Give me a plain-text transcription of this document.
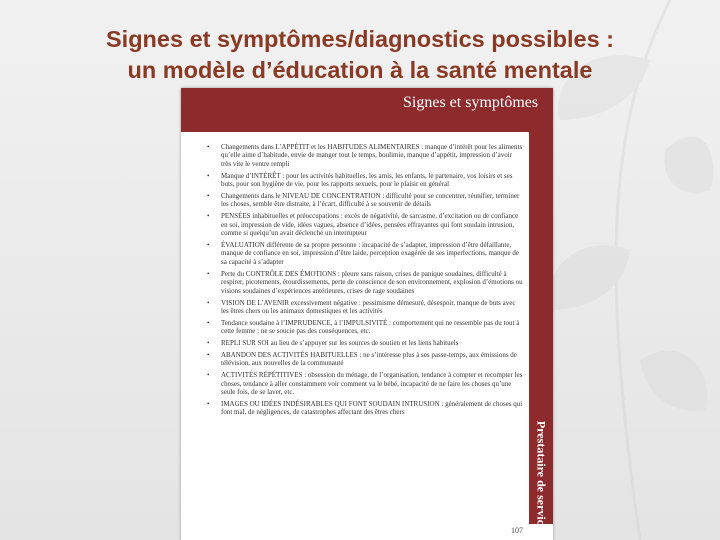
Signes et symptômes/diagnostics possibles :
un modèle d’éducation à la santé mentale
Signes et symptômes
Prestataire de services
• Changements dans L’APPÉTIT et les HABITUDES ALIMENTAIRES : manque d’intérêt pour les aliments qu’elle aime d’habitude, envie de manger tout le temps, boulimie, manque d’appétit, impression d’avoir très vite le ventre rempli
• Manque d’INTÉRÊT : pour les activités habituelles, les amis, les enfants, le partenaire, vos loisirs et ses buts, pour son hygiène de vie, pour les rapports sexuels, pour le plaisir en général
• Changements dans le NIVEAU DE CONCENTRATION : difficulté pour se concentrer, réunifier, terminer les choses, semble être distraite, à l’écart, difficulté à se souvenir de détails
• PENSÉES inhabituelles et préoccupations : excès de négativité, de sarcasme, d’excitation ou de confiance en soi, impression de vide, idées vagues, absence d’idées, pensées effrayantes qui font soudain intrusion, comme si quelqu’un avait déclenché un interrupteur
• ÉVALUATION différente de sa propre personne : incapacité de s’adapter, impression d’être défaillante, manque de confiance en soi, impression d’être laide, perception exagérée de ses imperfections, manque de sa capacité à s’adapter
• Perte du CONTRÔLE DES ÉMOTIONS : pleure sans raison, crises de panique soudaines, difficulté à respirer, picotements, étourdissements, perte de conscience de son environnement, explosion d’émotions ou visions soudaines d’expériences antérieures, crises de rage soudaines
• VISION DE L’AVENIR excessivement négative : pessimisme démesuré, désespoir, manque de buts avec les êtres chers ou les animaux domestiques et les activités
• Tendance soudaine à l’IMPRUDENCE, à l’IMPULSIVITÉ : comportement qui ne ressemble pas du tout à cette femme ; ne se soucie pas des conséquences, etc.
• REPLI SUR SOI au lieu de s’appuyer sur les sources de soutien et les liens habituels
• ABANDON DES ACTIVITÉS HABITUELLES : ne s’intéresse plus à ses passe-temps, aux émissions de télévision, aux nouvelles de la communauté
• ACTIVITÉS RÉPÉTITIVES : obsession du ménage, de l’organisation, tendance à compter et recompter les choses, tendance à aller constamment voir comment va le bébé, incapacité de ne faire les choses qu’une seule fois, de se laver, etc.
• IMAGES OU IDÉES INDÉSIRABLES QUI FONT SOUDAIN INTRUSION : généralement de choses qui font mal, de négligences, de catastrophes affectant des êtres chers
107
